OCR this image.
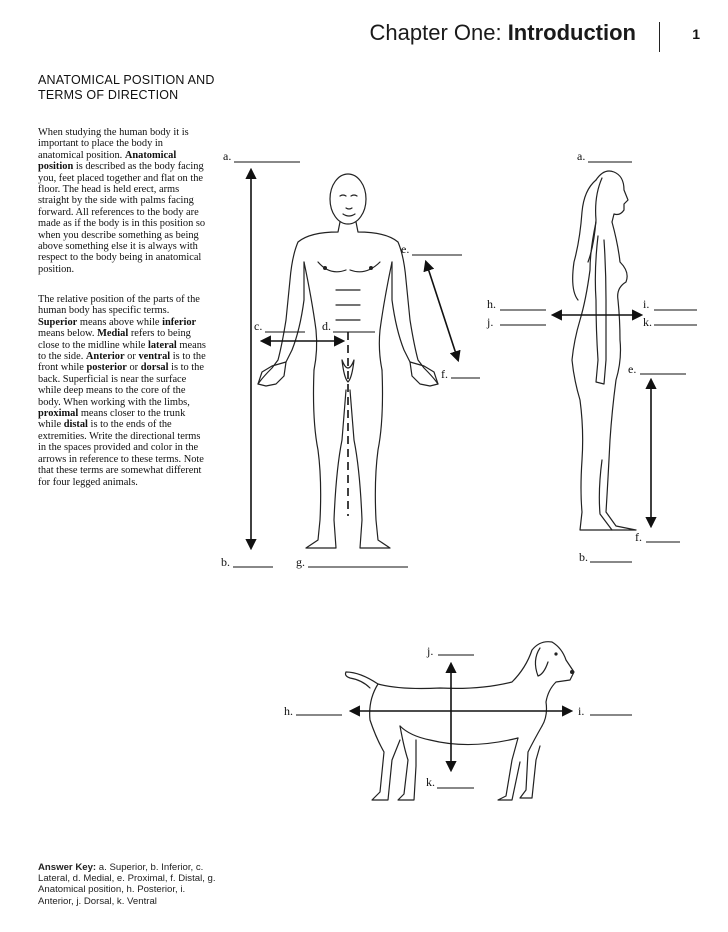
Chapter One: Introduction	1
ANATOMICAL POSITION AND TERMS OF DIRECTION
When studying the human body it is important to place the body in anatomical position. Anatomical position is described as the body facing you, feet placed together and flat on the floor. The head is held erect, arms straight by the side with palms facing forward. All references to the body are made as if the body is in this position so when you describe something as being above something else it is always with respect to the body being in anatomical position.
The relative position of the parts of the human body has specific terms. Superior means above while inferior means below. Medial refers to being close to the midline while lateral means to the side. Anterior or ventral is to the front while posterior or dorsal is to the back. Superficial is near the surface while deep means to the core of the body. When working with the limbs, proximal means closer to the trunk while distal is to the ends of the extremities. Write the directional terms in the spaces provided and color in the arrows in reference to these terms. Note that these terms are somewhat different for four legged animals.
Answer Key: a. Superior, b. Inferior, c. Lateral, d. Medial, e. Proximal, f. Distal, g. Anatomical position, h. Posterior, i. Anterior, j. Dorsal, k. Ventral
a.
b.
c.	d.
e.
f.
g.
a.
b.
h.
j.
i.
k.
e.
f.
h.	i.
j.
k.
